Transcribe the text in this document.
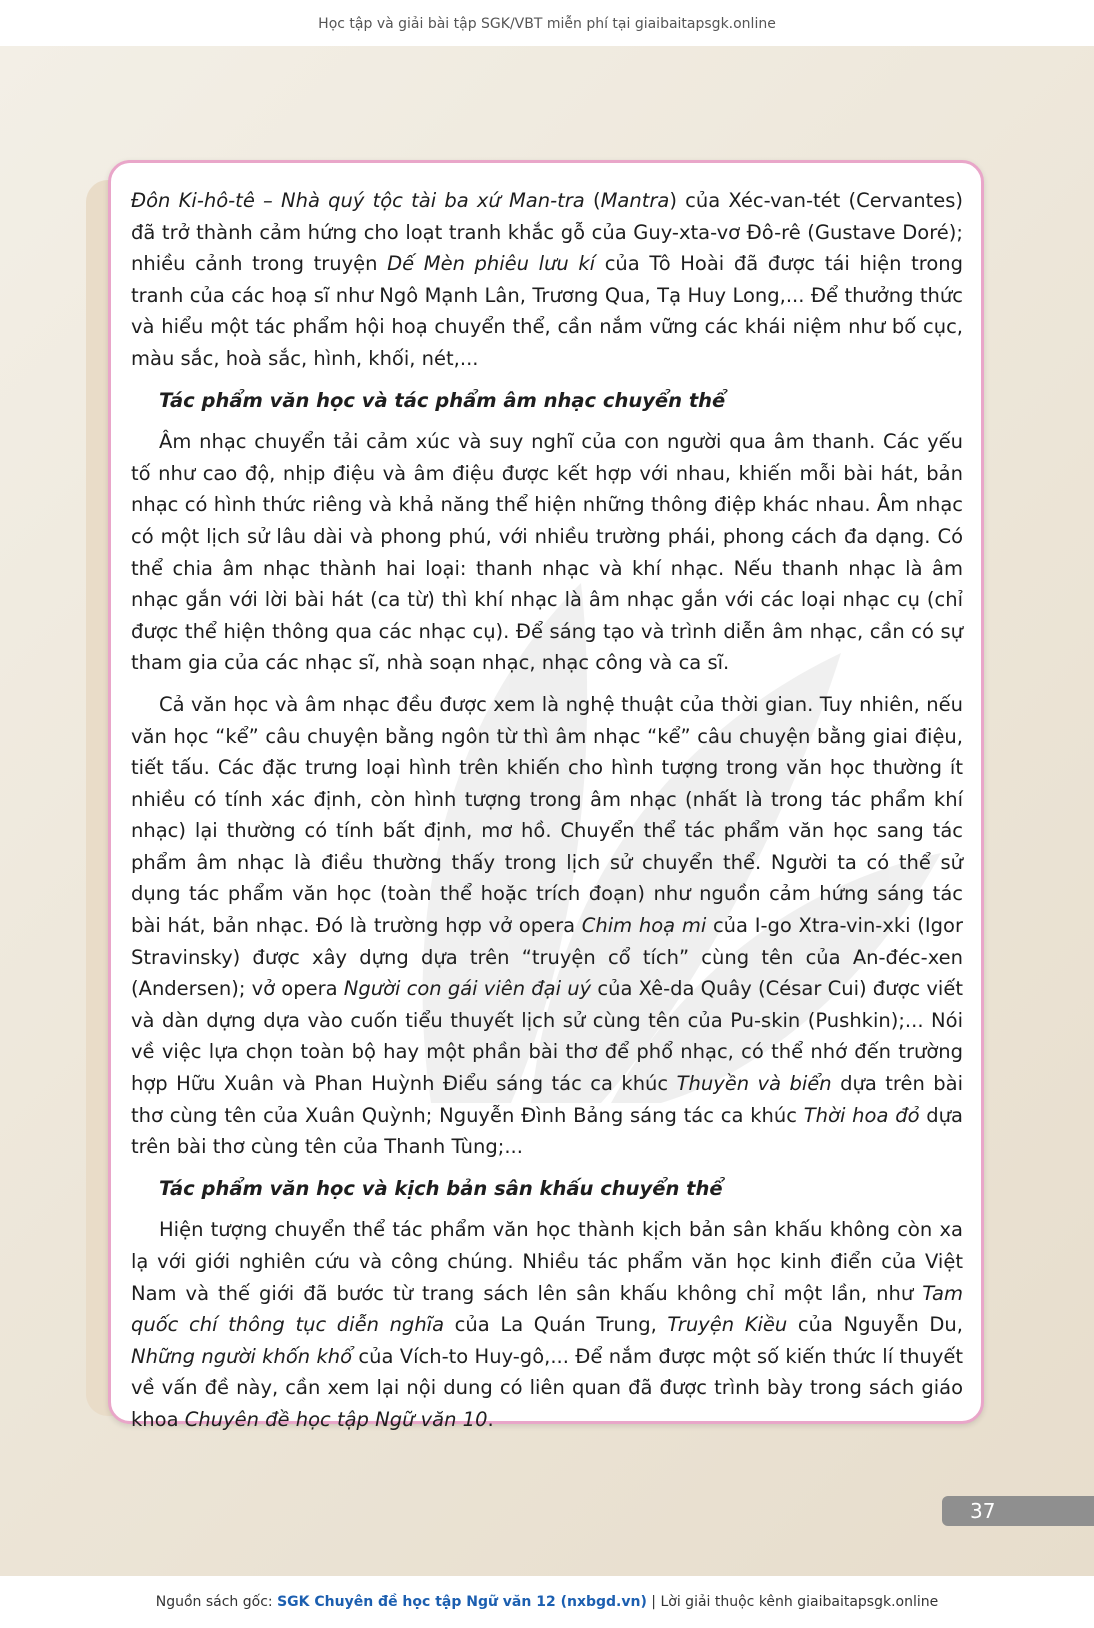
Học tập và giải bài tập SGK/VBT miễn phí tại giaibaitapsgk.online

Đôn Ki-hô-tê – Nhà quý tộc tài ba xứ Man-tra (Mantra) của Xéc-van-tét (Cervantes) đã trở thành cảm hứng cho loạt tranh khắc gỗ của Guy-xta-vơ Đô-rê (Gustave Doré); nhiều cảnh trong truyện Dế Mèn phiêu lưu kí của Tô Hoài đã được tái hiện trong tranh của các hoạ sĩ như Ngô Mạnh Lân, Trương Qua, Tạ Huy Long,... Để thưởng thức và hiểu một tác phẩm hội hoạ chuyển thể, cần nắm vững các khái niệm như bố cục, màu sắc, hoà sắc, hình, khối, nét,...

Tác phẩm văn học và tác phẩm âm nhạc chuyển thể

Âm nhạc chuyển tải cảm xúc và suy nghĩ của con người qua âm thanh. Các yếu tố như cao độ, nhịp điệu và âm điệu được kết hợp với nhau, khiến mỗi bài hát, bản nhạc có hình thức riêng và khả năng thể hiện những thông điệp khác nhau. Âm nhạc có một lịch sử lâu dài và phong phú, với nhiều trường phái, phong cách đa dạng. Có thể chia âm nhạc thành hai loại: thanh nhạc và khí nhạc. Nếu thanh nhạc là âm nhạc gắn với lời bài hát (ca từ) thì khí nhạc là âm nhạc gắn với các loại nhạc cụ (chỉ được thể hiện thông qua các nhạc cụ). Để sáng tạo và trình diễn âm nhạc, cần có sự tham gia của các nhạc sĩ, nhà soạn nhạc, nhạc công và ca sĩ.

Cả văn học và âm nhạc đều được xem là nghệ thuật của thời gian. Tuy nhiên, nếu văn học “kể” câu chuyện bằng ngôn từ thì âm nhạc “kể” câu chuyện bằng giai điệu, tiết tấu. Các đặc trưng loại hình trên khiến cho hình tượng trong văn học thường ít nhiều có tính xác định, còn hình tượng trong âm nhạc (nhất là trong tác phẩm khí nhạc) lại thường có tính bất định, mơ hồ. Chuyển thể tác phẩm văn học sang tác phẩm âm nhạc là điều thường thấy trong lịch sử chuyển thể. Người ta có thể sử dụng tác phẩm văn học (toàn thể hoặc trích đoạn) như nguồn cảm hứng sáng tác bài hát, bản nhạc. Đó là trường hợp vở opera Chim hoạ mi của I-go Xtra-vin-xki (Igor Stravinsky) được xây dựng dựa trên “truyện cổ tích” cùng tên của An-đéc-xen (Andersen); vở opera Người con gái viên đại uý của Xê-da Quây (César Cui) được viết và dàn dựng dựa vào cuốn tiểu thuyết lịch sử cùng tên của Pu-skin (Pushkin);... Nói về việc lựa chọn toàn bộ hay một phần bài thơ để phổ nhạc, có thể nhớ đến trường hợp Hữu Xuân và Phan Huỳnh Điểu sáng tác ca khúc Thuyền và biển dựa trên bài thơ cùng tên của Xuân Quỳnh; Nguyễn Đình Bảng sáng tác ca khúc Thời hoa đỏ dựa trên bài thơ cùng tên của Thanh Tùng;...

Tác phẩm văn học và kịch bản sân khấu chuyển thể

Hiện tượng chuyển thể tác phẩm văn học thành kịch bản sân khấu không còn xa lạ với giới nghiên cứu và công chúng. Nhiều tác phẩm văn học kinh điển của Việt Nam và thế giới đã bước từ trang sách lên sân khấu không chỉ một lần, như Tam quốc chí thông tục diễn nghĩa của La Quán Trung, Truyện Kiều của Nguyễn Du, Những người khốn khổ của Vích-to Huy-gô,... Để nắm được một số kiến thức lí thuyết về vấn đề này, cần xem lại nội dung có liên quan đã được trình bày trong sách giáo khoa Chuyên đề học tập Ngữ văn 10.

37
Nguồn sách gốc: SGK Chuyên đề học tập Ngữ văn 12 (nxbgd.vn) | Lời giải thuộc kênh giaibaitapsgk.online
